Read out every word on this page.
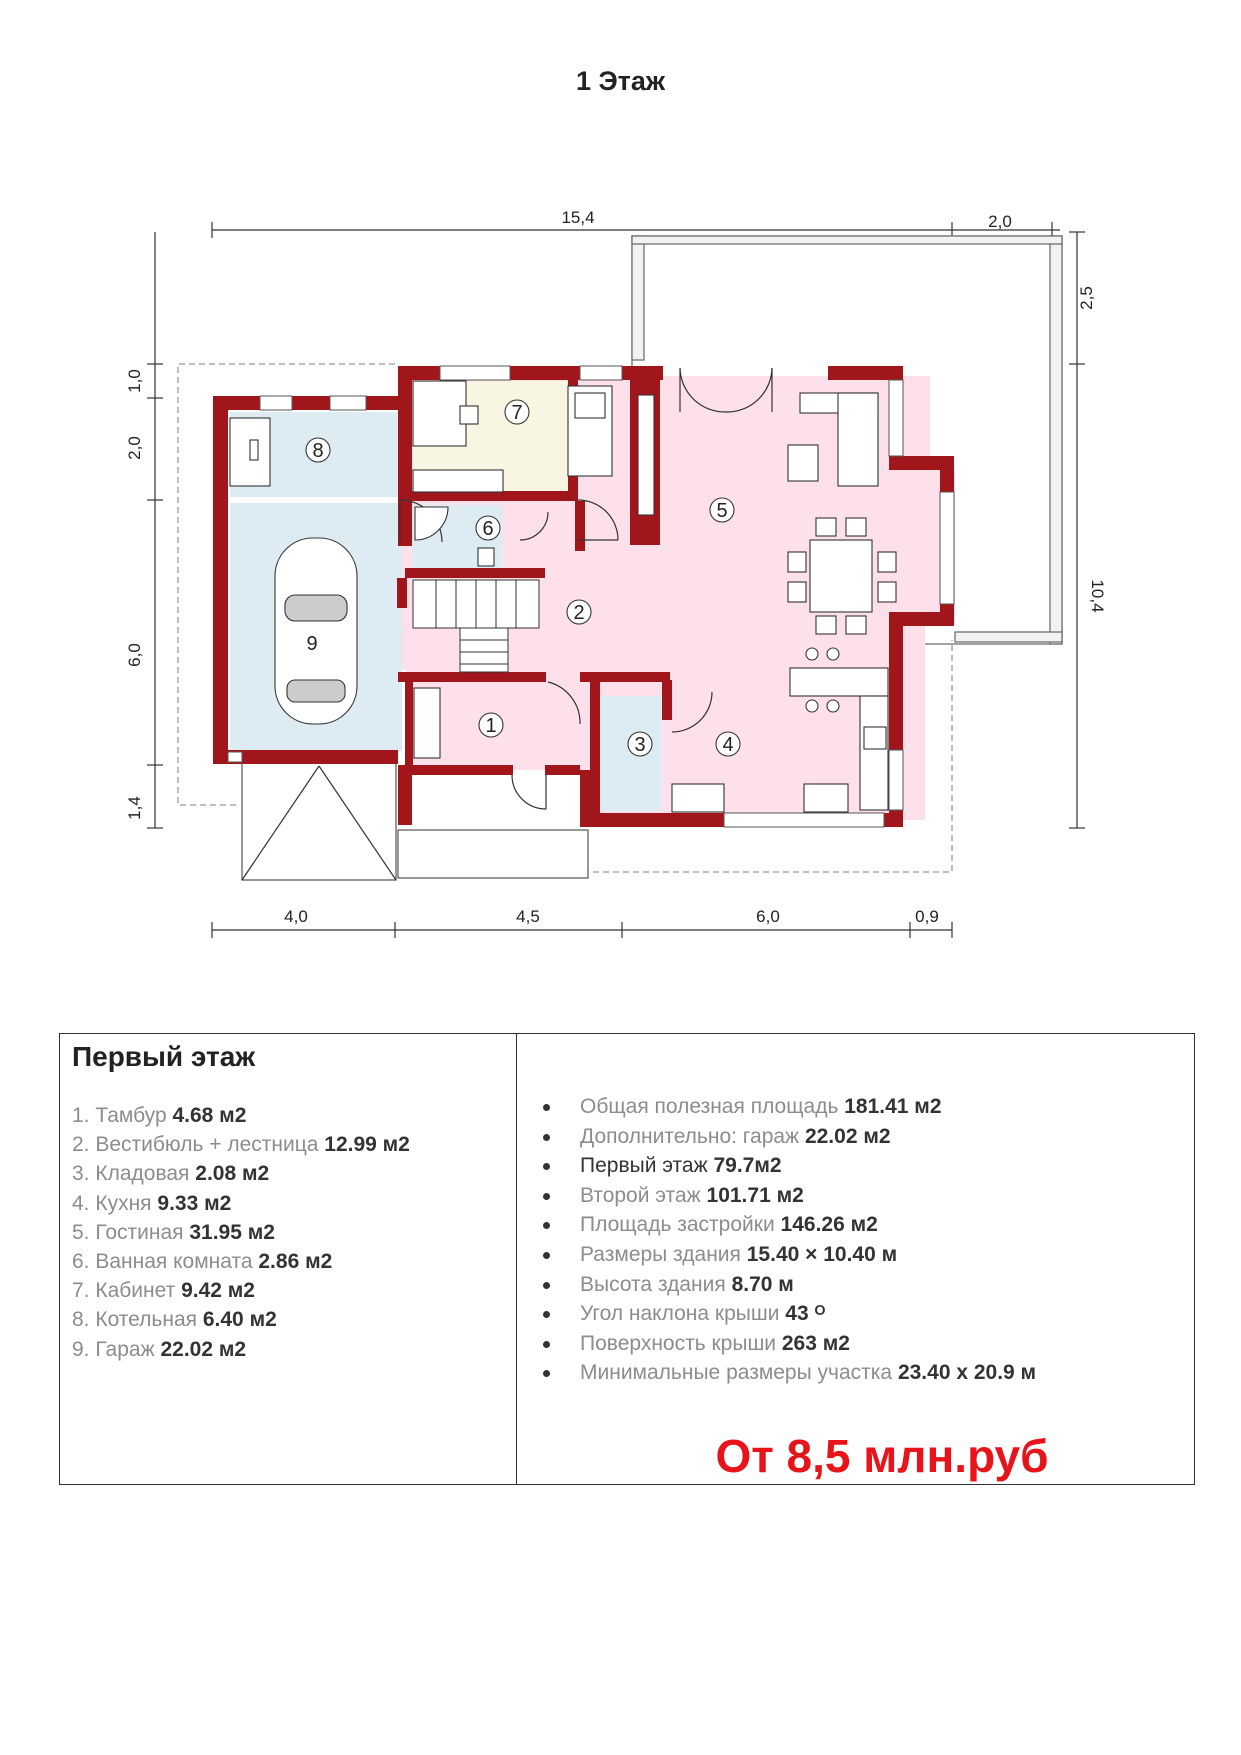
1 Этаж
1
2
3	4
5
6
7
8
9
15,4	2,0
2,5
10,4
1,0
2,0
6,0
1,4
4,0	4,5	6,0	0,9
Первый этаж
1. Тамбур 4.68 м2
2. Вестибюль + лестница 12.99 м2
3. Кладовая 2.08 м2
4. Кухня 9.33 м2
5. Гостиная 31.95 м2
6. Ванная комната 2.86 м2
7. Кабинет 9.42 м2
8. Котельная 6.40 м2
9. Гараж 22.02 м2
Общая полезная площадь 181.41 м2
Дополнительно: гараж 22.02 м2
Первый этаж 79.7м2
Второй этаж 101.71 м2
Площадь застройки 146.26 м2
Размеры здания 15.40 × 10.40 м
Высота здания 8.70 м
Угол наклона крыши 43 ᴼ
Поверхность крыши 263 м2
Минимальные размеры участка 23.40 х 20.9 м
От 8,5 млн.руб
